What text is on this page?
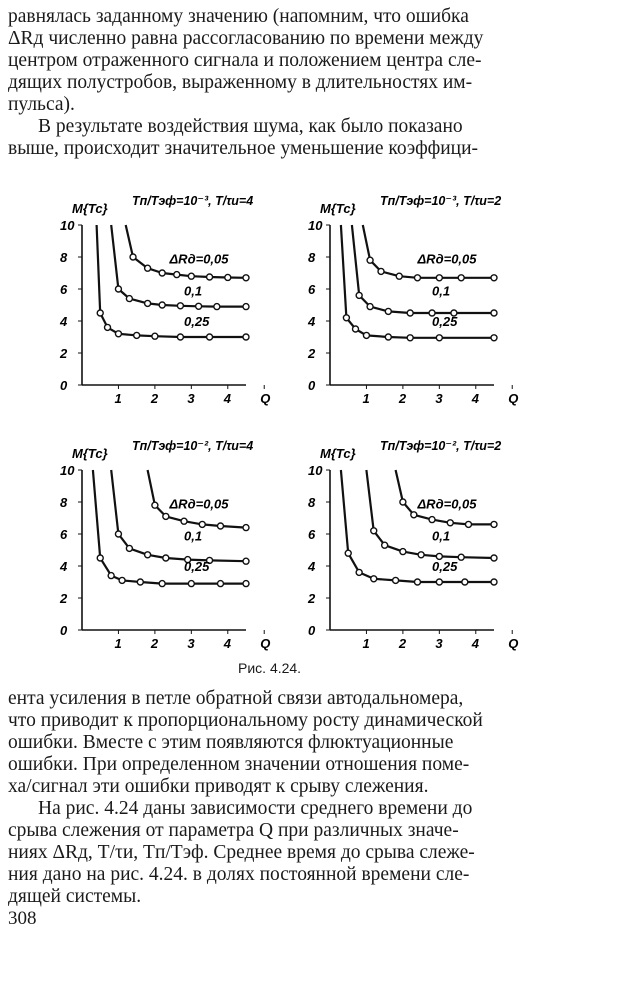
равнялась заданному значению (напомним, что ошибка
ΔRд численно равна рассогласованию по времени между
центром отраженного сигнала и положением центра сле-
дящих полустробов, выраженному в длительностях им-
пульса).
В результате воздействия шума, как было показано
выше, происходит значительное уменьшение коэффици-
0
2
4
6
8
10
1 2 3 4 Q
M{Tc} Tп/Tэф=10⁻³, T/τи=4
ΔRд=0,05
0,1
0,25
0
2
4
6
8
10
1 2 3 4 Q
M{Tc} Tп/Tэф=10⁻³, T/τи=2
ΔRд=0,05
0,1
0,25
0
2
4
6
8
10
1 2 3 4 Q
M{Tc} Tп/Tэф=10⁻², T/τи=4
ΔRд=0,05
0,1
0,25
0
2
4
6
8
10
1 2 3 4 Q
M{Tc} Tп/Tэф=10⁻², T/τи=2
ΔRд=0,05
0,1
0,25

Рис. 4.24.

ента усиления в петле обратной связи автодальномера,
что приводит к пропорциональному росту динамической
ошибки. Вместе с этим появляются флюктуационные
ошибки. При определенном значении отношения поме-
ха/сигнал эти ошибки приводят к срыву слежения.
На рис. 4.24 даны зависимости среднего времени до
срыва слежения от параметра Q при различных значе-
ниях ΔRд, T/τи, Tп/Tэф. Среднее время до срыва слеже-
ния дано на рис. 4.24. в долях постоянной времени сле-
дящей системы.

308
